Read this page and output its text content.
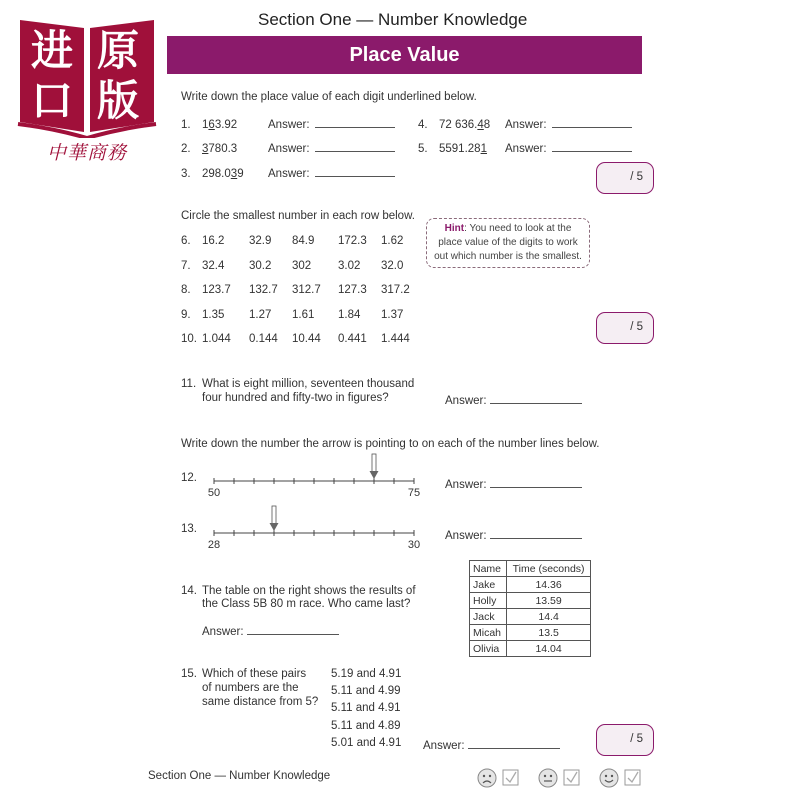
进 原
口 版
中華商務
Section One — Number Knowledge
Place Value
Write down the place value of each digit underlined below.
1. 163.92	Answer:
2. 3780.3	Answer:
3. 298.039 Answer:
4. 72 636.48 Answer:
5. 5591.281 Answer:
/ 5
Circle the smallest number in each row below.
Hint: You need to look at the
place value of the digits to work
out which number is the smallest.
6. 16.2 32.9 84.9 172.3 1.62
7. 32.4 30.2 302 3.02 32.0
8. 123.7 132.7 312.7 127.3 317.2
9. 1.35 1.27 1.61 1.84 1.37
10. 1.044 0.144 10.44 0.441 1.444
/ 5
11. What is eight million, seventeen thousand
four hundred and fifty-two in figures?	Answer:
Write down the number the arrow is pointing to on each of the number lines below.
12.
50	75
Answer:
13.
28	30
Answer:
14. The table on the right shows the results of
the Class 5B 80 m race. Who came last?
Answer:
Name	Time (seconds)
Jake	14.36
Holly	13.59
Jack	14.4
Micah	13.5
Olivia	14.04
15. Which of these pairs
of numbers are the
same distance from 5?
5.19 and 4.91
5.11 and 4.99
5.11 and 4.91
5.11 and 4.89
5.01 and 4.91 Answer:
/ 5
Section One — Number Knowledge
